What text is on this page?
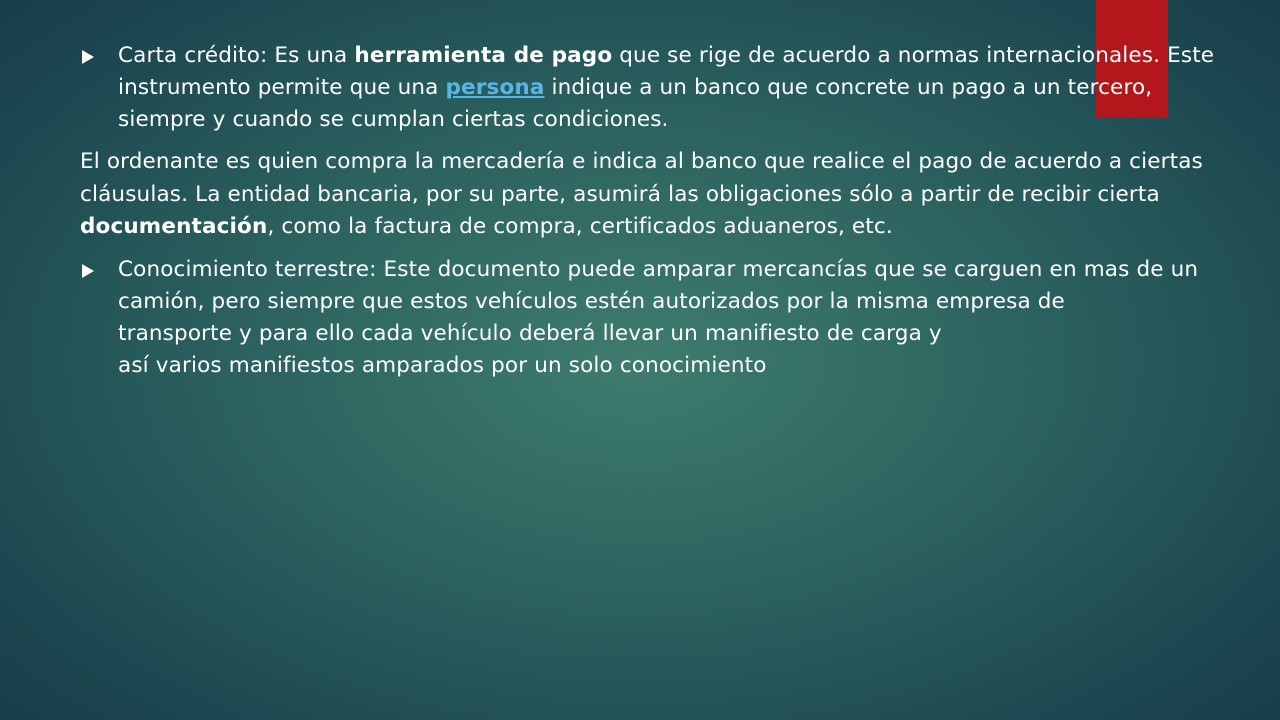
Carta crédito: Es una herramienta de pago que se rige de acuerdo a normas internacionales. Este instrumento permite que una persona indique a un banco que concrete un pago a un tercero, siempre y cuando se cumplan ciertas condiciones.
El ordenante es quien compra la mercadería e indica al banco que realice el pago de acuerdo a ciertas cláusulas. La entidad bancaria, por su parte, asumirá las obligaciones sólo a partir de recibir cierta documentación, como la factura de compra, certificados aduaneros, etc.
Conocimiento terrestre: Este documento puede amparar mercancías que se carguen en mas de un camión, pero siempre que estos vehículos estén autorizados por la misma empresa de
transporte y para ello cada vehículo deberá llevar un manifiesto de carga y
así varios manifiestos amparados por un solo conocimiento
